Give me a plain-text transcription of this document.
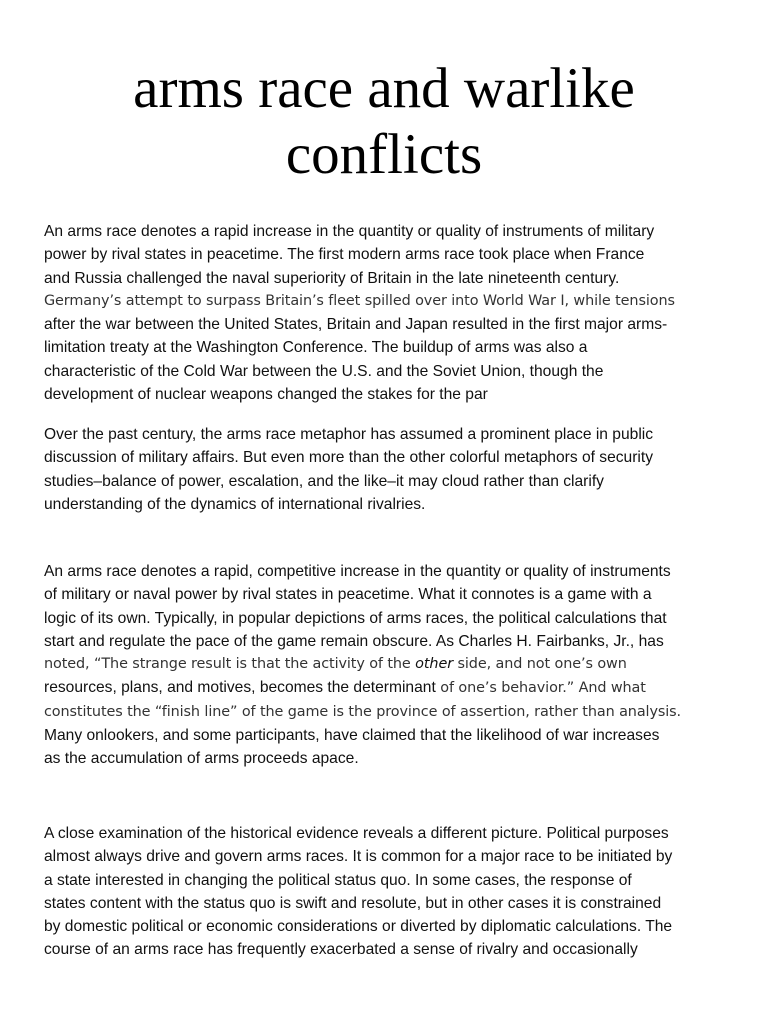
arms race and warlike
conflicts

An arms race denotes a rapid increase in the quantity or quality of instruments of military
power by rival states in peacetime. The first modern arms race took place when France
and Russia challenged the naval superiority of Britain in the late nineteenth century.
Germany’s attempt to surpass Britain’s fleet spilled over into World War I, while tensions
after the war between the United States, Britain and Japan resulted in the first major arms-
limitation treaty at the Washington Conference. The buildup of arms was also a
characteristic of the Cold War between the U.S. and the Soviet Union, though the
development of nuclear weapons changed the stakes for the par

Over the past century, the arms race metaphor has assumed a prominent place in public
discussion of military affairs. But even more than the other colorful metaphors of security
studies–balance of power, escalation, and the like–it may cloud rather than clarify
understanding of the dynamics of international rivalries.

An arms race denotes a rapid, competitive increase in the quantity or quality of instruments
of military or naval power by rival states in peacetime. What it connotes is a game with a
logic of its own. Typically, in popular depictions of arms races, the political calculations that
start and regulate the pace of the game remain obscure. As Charles H. Fairbanks, Jr., has
noted, “The strange result is that the activity of the other side, and not one’s own
resources, plans, and motives, becomes the determinant of one’s behavior.” And what
constitutes the “finish line” of the game is the province of assertion, rather than analysis.
Many onlookers, and some participants, have claimed that the likelihood of war increases
as the accumulation of arms proceeds apace.

A close examination of the historical evidence reveals a different picture. Political purposes
almost always drive and govern arms races. It is common for a major race to be initiated by
a state interested in changing the political status quo. In some cases, the response of
states content with the status quo is swift and resolute, but in other cases it is constrained
by domestic political or economic considerations or diverted by diplomatic calculations. The
course of an arms race has frequently exacerbated a sense of rivalry and occasionally
